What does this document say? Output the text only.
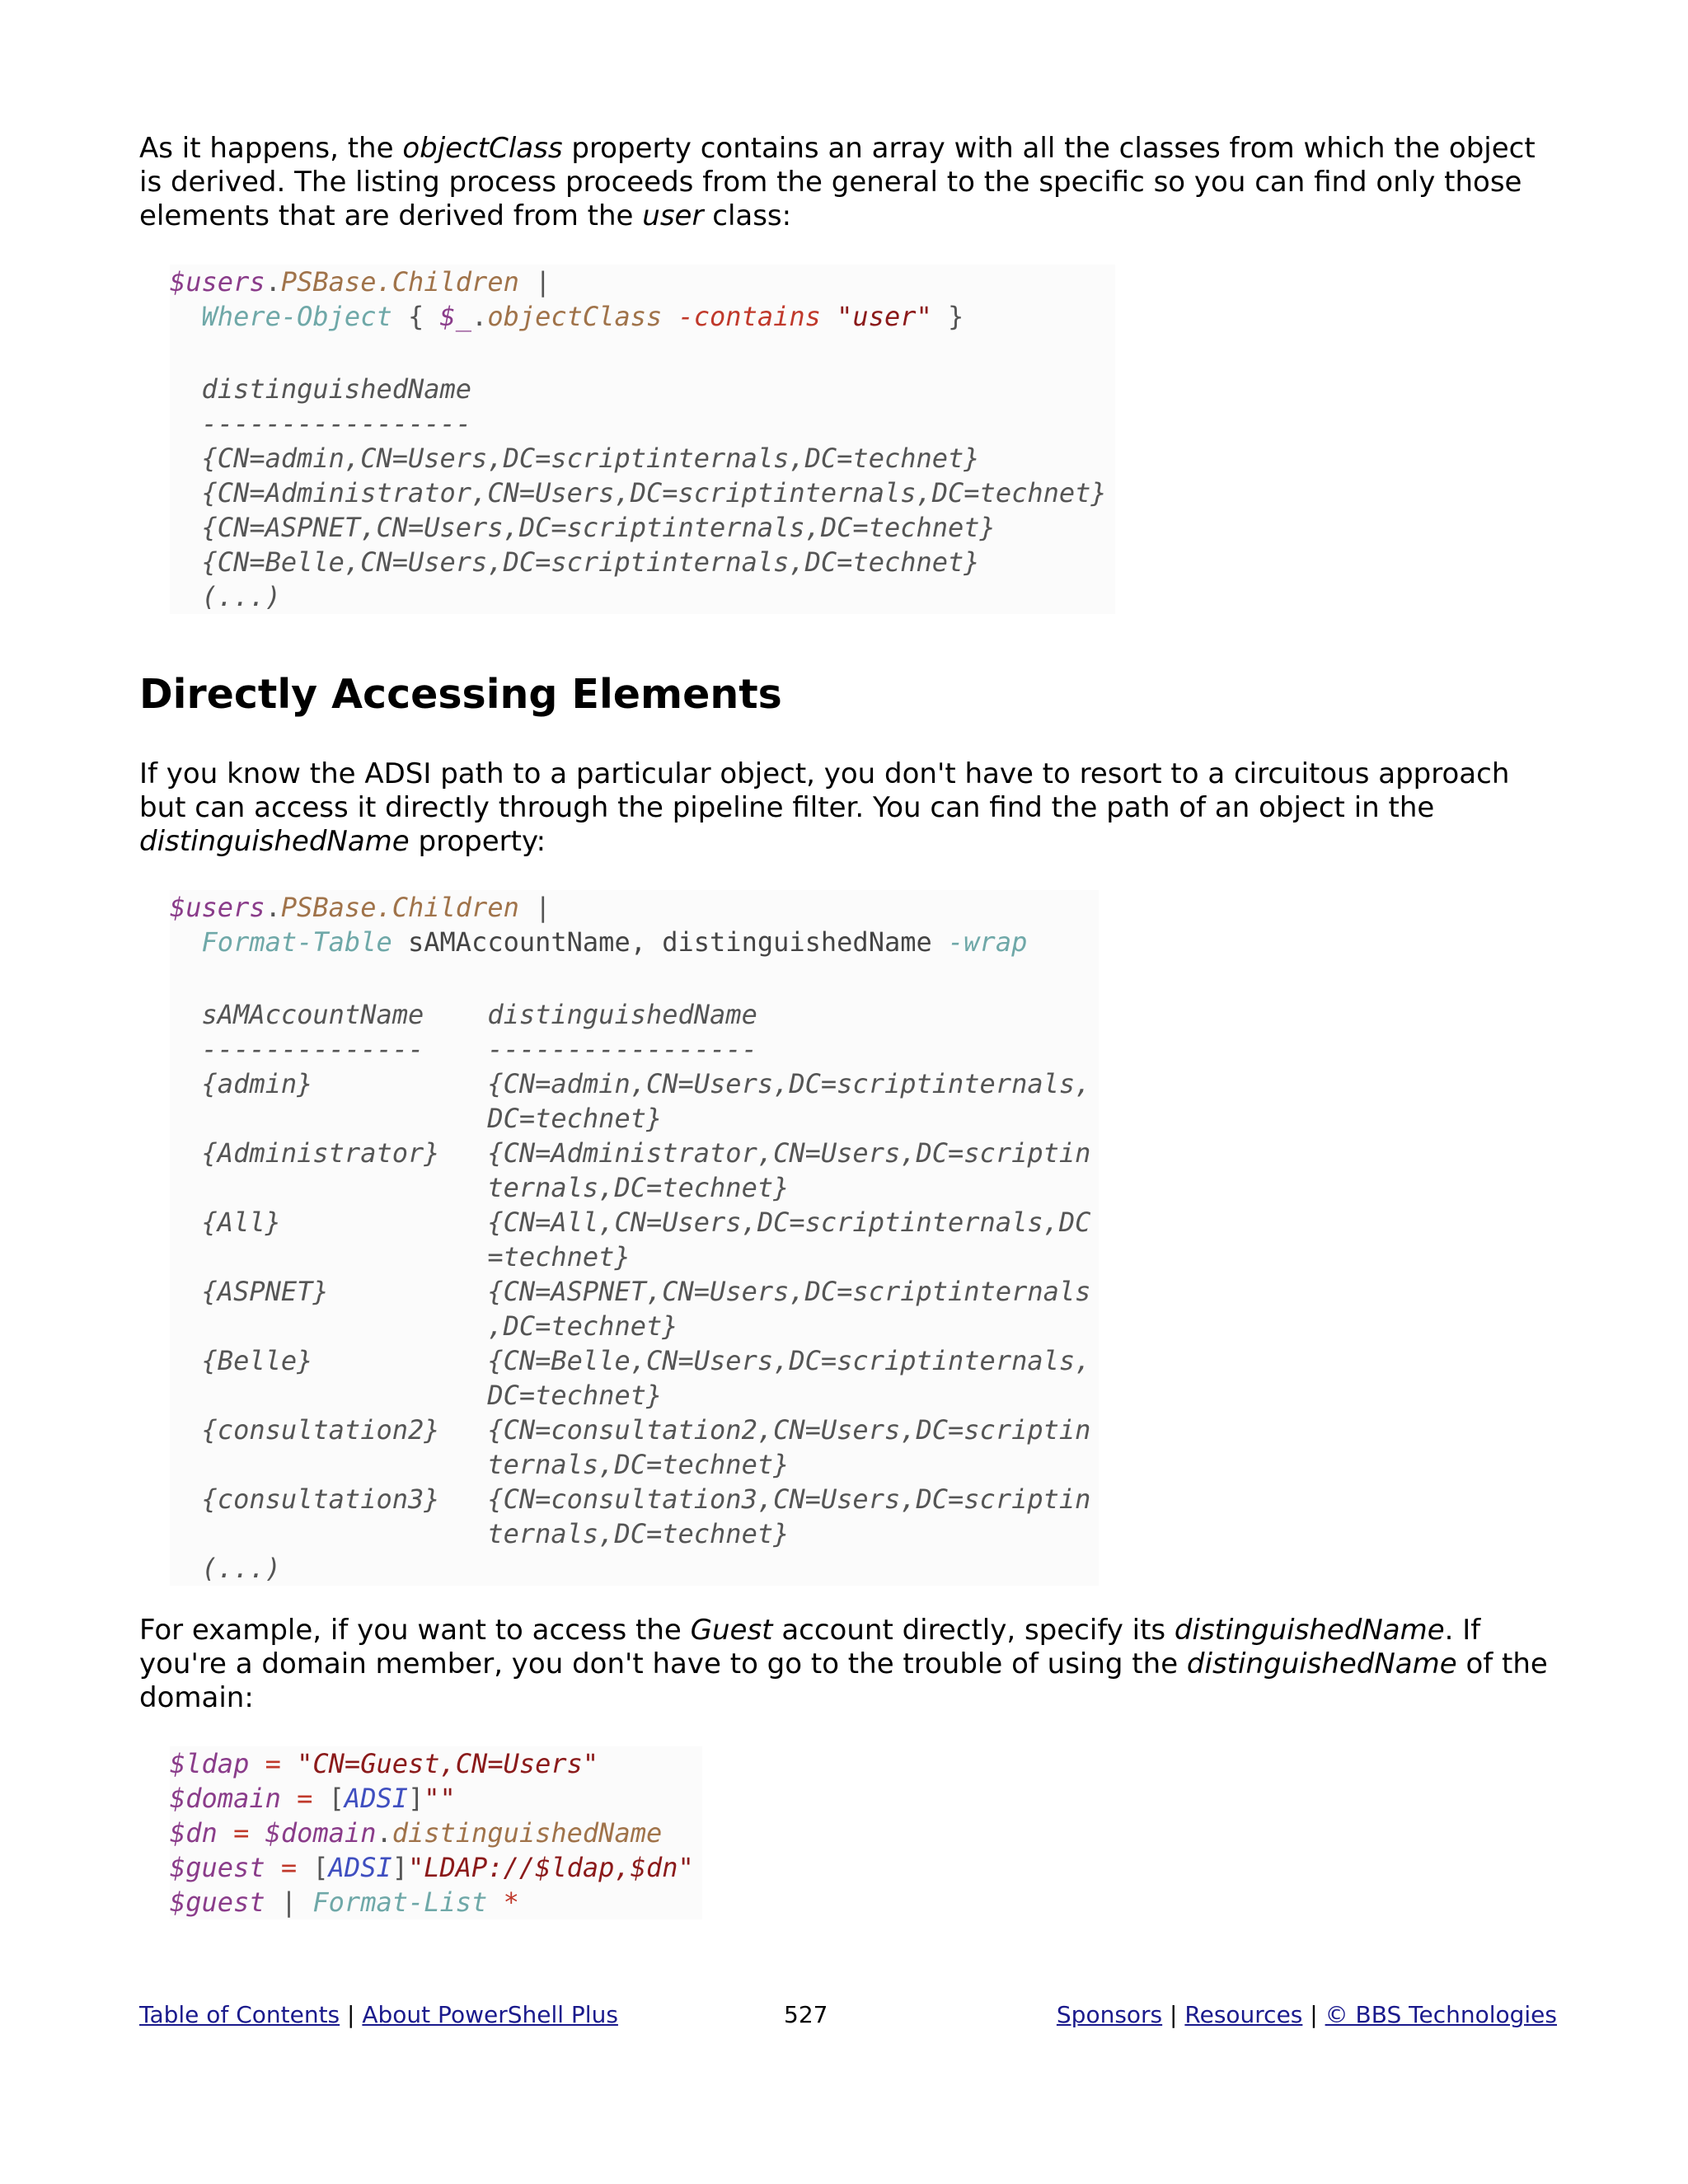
As it happens, the objectClass property contains an array with all the classes from which the object is derived. The listing process proceeds from the general to the specific so you can find only those elements that are derived from the user class:

$users.PSBase.Children |
Where-Object { $_.objectClass -contains "user" }
distinguishedName
-----------------
{CN=admin,CN=Users,DC=scriptinternals,DC=technet}
{CN=Administrator,CN=Users,DC=scriptinternals,DC=technet}
{CN=ASPNET,CN=Users,DC=scriptinternals,DC=technet}
{CN=Belle,CN=Users,DC=scriptinternals,DC=technet}
(...)
Directly Accessing Elements

If you know the ADSI path to a particular object, you don't have to resort to a circuitous approach but can access it directly through the pipeline filter. You can find the path of an object in the distinguishedName property:

$users.PSBase.Children |
Format-Table sAMAccountName, distinguishedName -wrap
sAMAccountName    distinguishedName
--------------    -----------------
{admin}           {CN=admin,CN=Users,DC=scriptinternals,
DC=technet}
{Administrator}   {CN=Administrator,CN=Users,DC=scriptin
ternals,DC=technet}
{All}             {CN=All,CN=Users,DC=scriptinternals,DC
=technet}
{ASPNET}          {CN=ASPNET,CN=Users,DC=scriptinternals
,DC=technet}
{Belle}           {CN=Belle,CN=Users,DC=scriptinternals,
DC=technet}
{consultation2}   {CN=consultation2,CN=Users,DC=scriptin
ternals,DC=technet}
{consultation3}   {CN=consultation3,CN=Users,DC=scriptin
ternals,DC=technet}
(...)

For example, if you want to access the Guest account directly, specify its distinguishedName. If you're a domain member, you don't have to go to the trouble of using the distinguishedName of the domain:

$ldap = "CN=Guest,CN=Users"
$domain = [ADSI]""
$dn = $domain.distinguishedName
$guest = [ADSI]"LDAP://$ldap,$dn"
$guest | Format-List *
Table of Contents | About PowerShell Plus	527	Sponsors | Resources | © BBS Technologies
